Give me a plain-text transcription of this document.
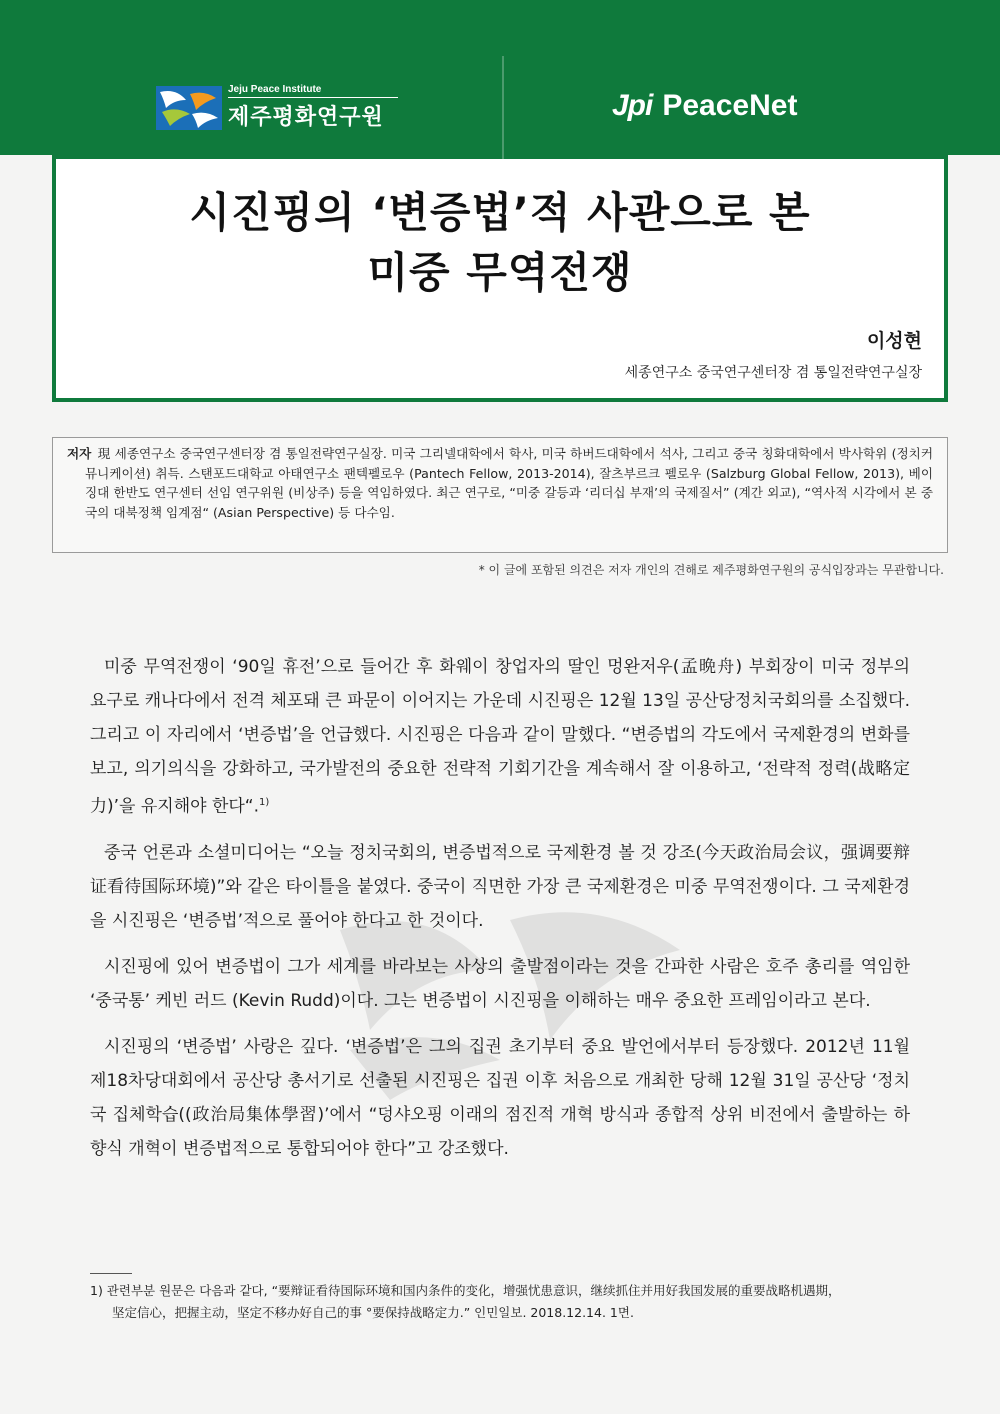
Jeju Peace Institute
제주평화연구원	Jpi PeaceNet
시진핑의 ‘변증법’적 사관으로 본
미중 무역전쟁
이성현
세종연구소 중국연구센터장 겸 통일전략연구실장
저자 現 세종연구소 중국연구센터장 겸 통일전략연구실장. 미국 그리넬대학에서 학사, 미국 하버드대학에서 석사, 그리고 중국 칭화대학에서 박사학위 (정치커뮤니케이션) 취득. 스탠포드대학교 아태연구소 팬텍펠로우 (Pantech Fellow, 2013-2014), 잘츠부르크 펠로우 (Salzburg Global Fellow, 2013), 베이징대 한반도 연구센터 선임 연구위원 (비상주) 등을 역임하였다. 최근 연구로, “미중 갈등과 ‘리더십 부재’의 국제질서” (계간 외교), “역사적 시각에서 본 중국의 대북정책 임계점“ (Asian Perspective) 등 다수임.
* 이 글에 포함된 의견은 저자 개인의 견해로 제주평화연구원의 공식입장과는 무관합니다.

미중 무역전쟁이 ‘90일 휴전’으로 들어간 후 화웨이 창업자의 딸인 멍완저우(孟晩舟) 부회장이 미국 정부의 요구로 캐나다에서 전격 체포돼 큰 파문이 이어지는 가운데 시진핑은 12월 13일 공산당정치국회의를 소집했다. 그리고 이 자리에서 ‘변증법’을 언급했다. 시진핑은 다음과 같이 말했다. “변증법의 각도에서 국제환경의 변화를 보고, 의기의식을 강화하고, 국가발전의 중요한 전략적 기회기간을 계속해서 잘 이용하고, ‘전략적 정력(战略定力)’을 유지해야 한다“.$^{1)}$

중국 언론과 소셜미디어는 “오늘 정치국회의, 변증법적으로 국제환경 볼 것 강조(今天政治局会议，强调要辩证看待国际环境)”와 같은 타이틀을 붙였다. 중국이 직면한 가장 큰 국제환경은 미중 무역전쟁이다. 그 국제환경을 시진핑은 ‘변증법’적으로 풀어야 한다고 한 것이다.

시진핑에 있어 변증법이 그가 세계를 바라보는 사상의 출발점이라는 것을 간파한 사람은 호주 총리를 역임한 ‘중국통’ 케빈 러드 (Kevin Rudd)이다. 그는 변증법이 시진핑을 이해하는 매우 중요한 프레임이라고 본다.

시진핑의 ‘변증법’ 사랑은 깊다. ‘변증법’은 그의 집권 초기부터 중요 발언에서부터 등장했다. 2012년 11월 제18차당대회에서 공산당 총서기로 선출된 시진핑은 집권 이후 처음으로 개최한 당해 12월 31일 공산당 ‘정치국 집체학습((政治局集体學習)’에서 “덩샤오핑 이래의 점진적 개혁 방식과 종합적 상위 비전에서 출발하는 하향식 개혁이 변증법적으로 통합되어야 한다”고 강조했다.

1) 관련부분 원문은 다음과 같다, “要辩证看待国际环境和国内条件的变化，增强忧患意识，继续抓住并用好我国发展的重要战略机遇期，
坚定信心，把握主动，坚定不移办好自己的事 °要保持战略定力.” 인민일보. 2018.12.14. 1면.
